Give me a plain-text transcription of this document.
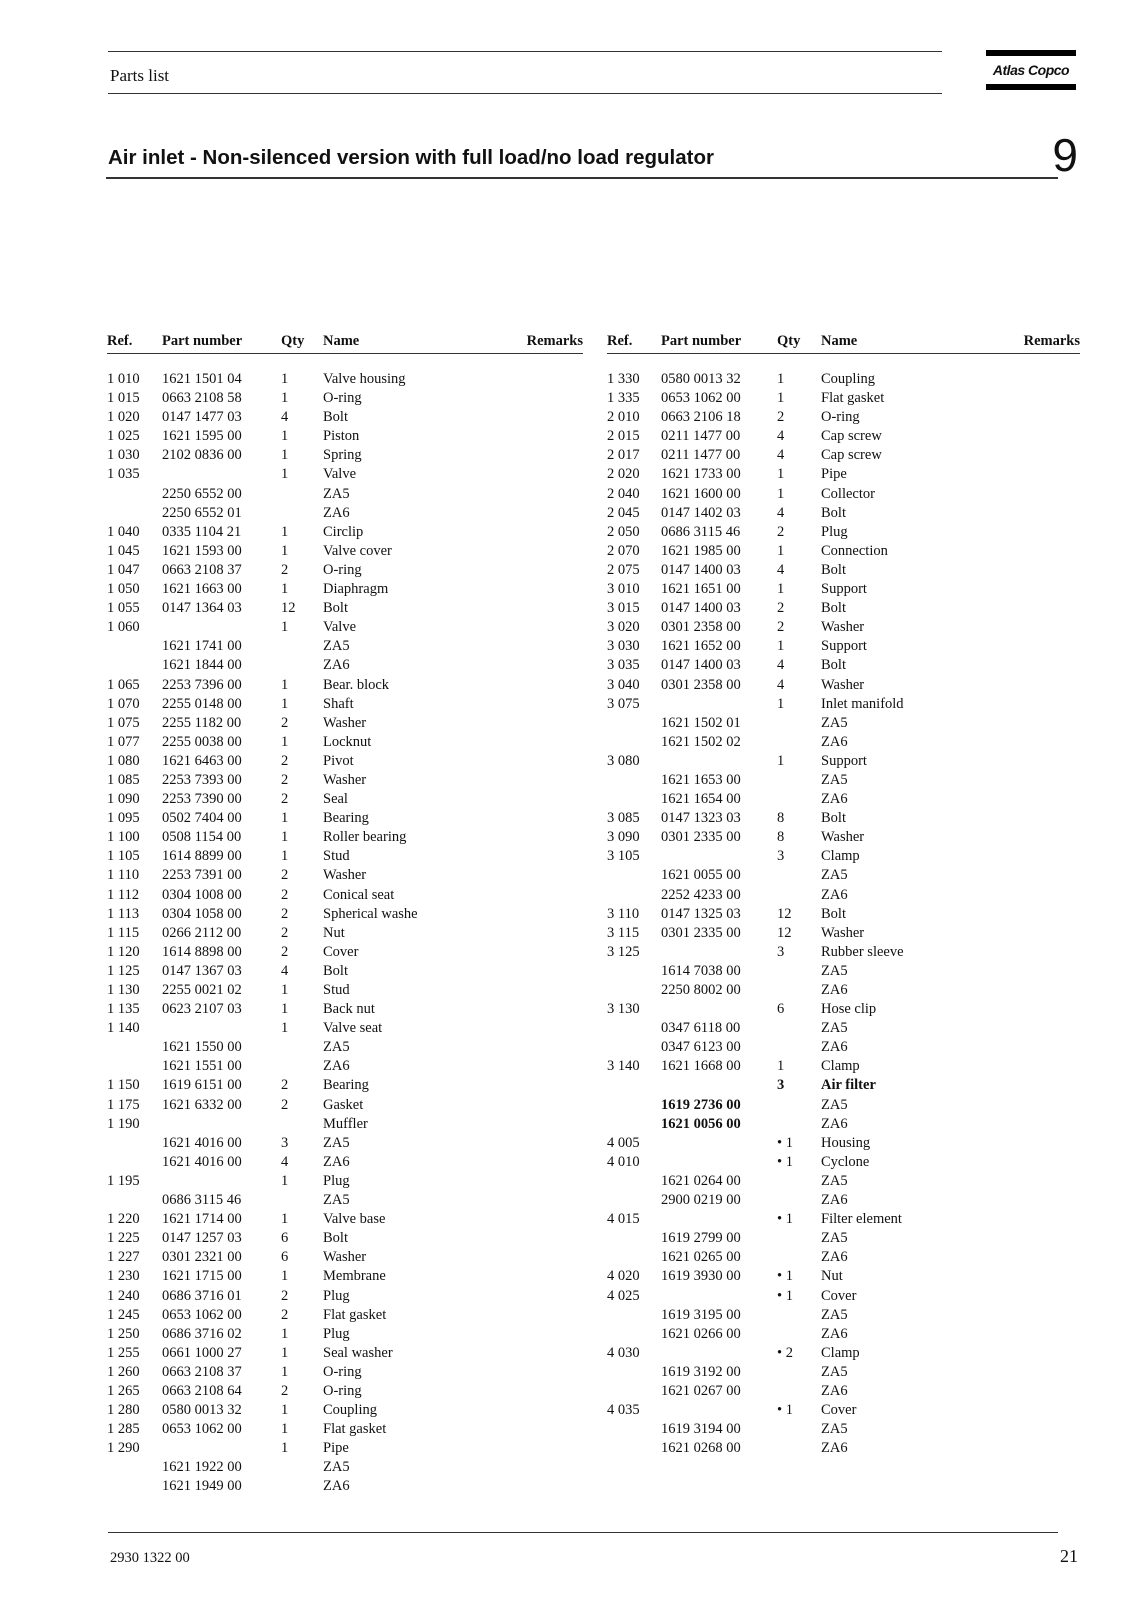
Parts list	Atlas Copco
Air inlet - Non-silenced version with full load/no load regulator	9
Ref. Part number	Qty Name	Remarks
1 010 1621 1501 04	1 Valve housing
1 015 0663 2108 58	1 O-ring
1 020 0147 1477 03	4 Bolt
1 025 1621 1595 00	1 Piston
1 030 2102 0836 00	1 Spring
1 035	1 Valve
2250 6552 00	ZA5
2250 6552 01	ZA6
1 040 0335 1104 21	1 Circlip
1 045 1621 1593 00	1 Valve cover
1 047 0663 2108 37	2 O-ring
1 050 1621 1663 00	1 Diaphragm
1 055 0147 1364 03	12 Bolt
1 060	1 Valve
1621 1741 00	ZA5
1621 1844 00	ZA6
1 065 2253 7396 00	1 Bear. block
1 070 2255 0148 00	1 Shaft
1 075 2255 1182 00	2 Washer
1 077 2255 0038 00	1 Locknut
1 080 1621 6463 00	2 Pivot
1 085 2253 7393 00	2 Washer
1 090 2253 7390 00	2 Seal
1 095 0502 7404 00	1 Bearing
1 100 0508 1154 00	1 Roller bearing
1 105 1614 8899 00	1 Stud
1 110 2253 7391 00	2 Washer
1 112 0304 1008 00	2 Conical seat
1 113 0304 1058 00	2 Spherical washe
1 115 0266 2112 00	2 Nut
1 120 1614 8898 00	2 Cover
1 125 0147 1367 03	4 Bolt
1 130 2255 0021 02	1 Stud
1 135 0623 2107 03	1 Back nut
1 140	1 Valve seat
1621 1550 00	ZA5
1621 1551 00	ZA6
1 150 1619 6151 00	2 Bearing
1 175 1621 6332 00	2 Gasket
1 190	Muffler
1621 4016 00	3 ZA5
1621 4016 00	4 ZA6
1 195	1 Plug
0686 3115 46	ZA5
1 220 1621 1714 00	1 Valve base
1 225 0147 1257 03	6 Bolt
1 227 0301 2321 00	6 Washer
1 230 1621 1715 00	1 Membrane
1 240 0686 3716 01	2 Plug
1 245 0653 1062 00	2 Flat gasket
1 250 0686 3716 02	1 Plug
1 255 0661 1000 27	1 Seal washer
1 260 0663 2108 37	1 O-ring
1 265 0663 2108 64	2 O-ring
1 280 0580 0013 32	1 Coupling
1 285 0653 1062 00	1 Flat gasket
1 290	1 Pipe
1621 1922 00	ZA5
1621 1949 00	ZA6
Ref. Part number Qty Name	Remarks
1 330 0580 0013 32	1	Coupling
1 335 0653 1062 00	1	Flat gasket
2 010 0663 2106 18	2	O-ring
2 015 0211 1477 00	4	Cap screw
2 017 0211 1477 00	4	Cap screw
2 020 1621 1733 00	1	Pipe
2 040 1621 1600 00	1	Collector
2 045 0147 1402 03	4	Bolt
2 050 0686 3115 46	2	Plug
2 070 1621 1985 00	1	Connection
2 075 0147 1400 03	4	Bolt
3 010 1621 1651 00	1	Support
3 015 0147 1400 03	2	Bolt
3 020 0301 2358 00	2	Washer
3 030 1621 1652 00	1	Support
3 035 0147 1400 03	4	Bolt
3 040 0301 2358 00	4	Washer
3 075	1	Inlet manifold
1621 1502 01	ZA5
1621 1502 02	ZA6
3 080	1	Support
1621 1653 00	ZA5
1621 1654 00	ZA6
3 085 0147 1323 03	8	Bolt
3 090 0301 2335 00	8	Washer
3 105	3	Clamp
1621 0055 00	ZA5
2252 4233 00	ZA6
3 110 0147 1325 03	12 Bolt
3 115 0301 2335 00	12 Washer
3 125	3	Rubber sleeve
1614 7038 00	ZA5
2250 8002 00	ZA6
3 130	6	Hose clip
0347 6118 00	ZA5
0347 6123 00	ZA6
3 140 1621 1668 00	1	Clamp
3	Air filter
1619 2736 00	ZA5
1621 0056 00	ZA6
4 005	• 1 Housing
4 010	• 1 Cyclone
1621 0264 00	ZA5
2900 0219 00	ZA6
4 015	• 1 Filter element
1619 2799 00	ZA5
1621 0265 00	ZA6
4 020 1619 3930 00	• 1 Nut
4 025	• 1 Cover
1619 3195 00	ZA5
1621 0266 00	ZA6
4 030	• 2 Clamp
1619 3192 00	ZA5
1621 0267 00	ZA6
4 035	• 1 Cover
1619 3194 00	ZA5
1621 0268 00	ZA6
2930 1322 00	21
